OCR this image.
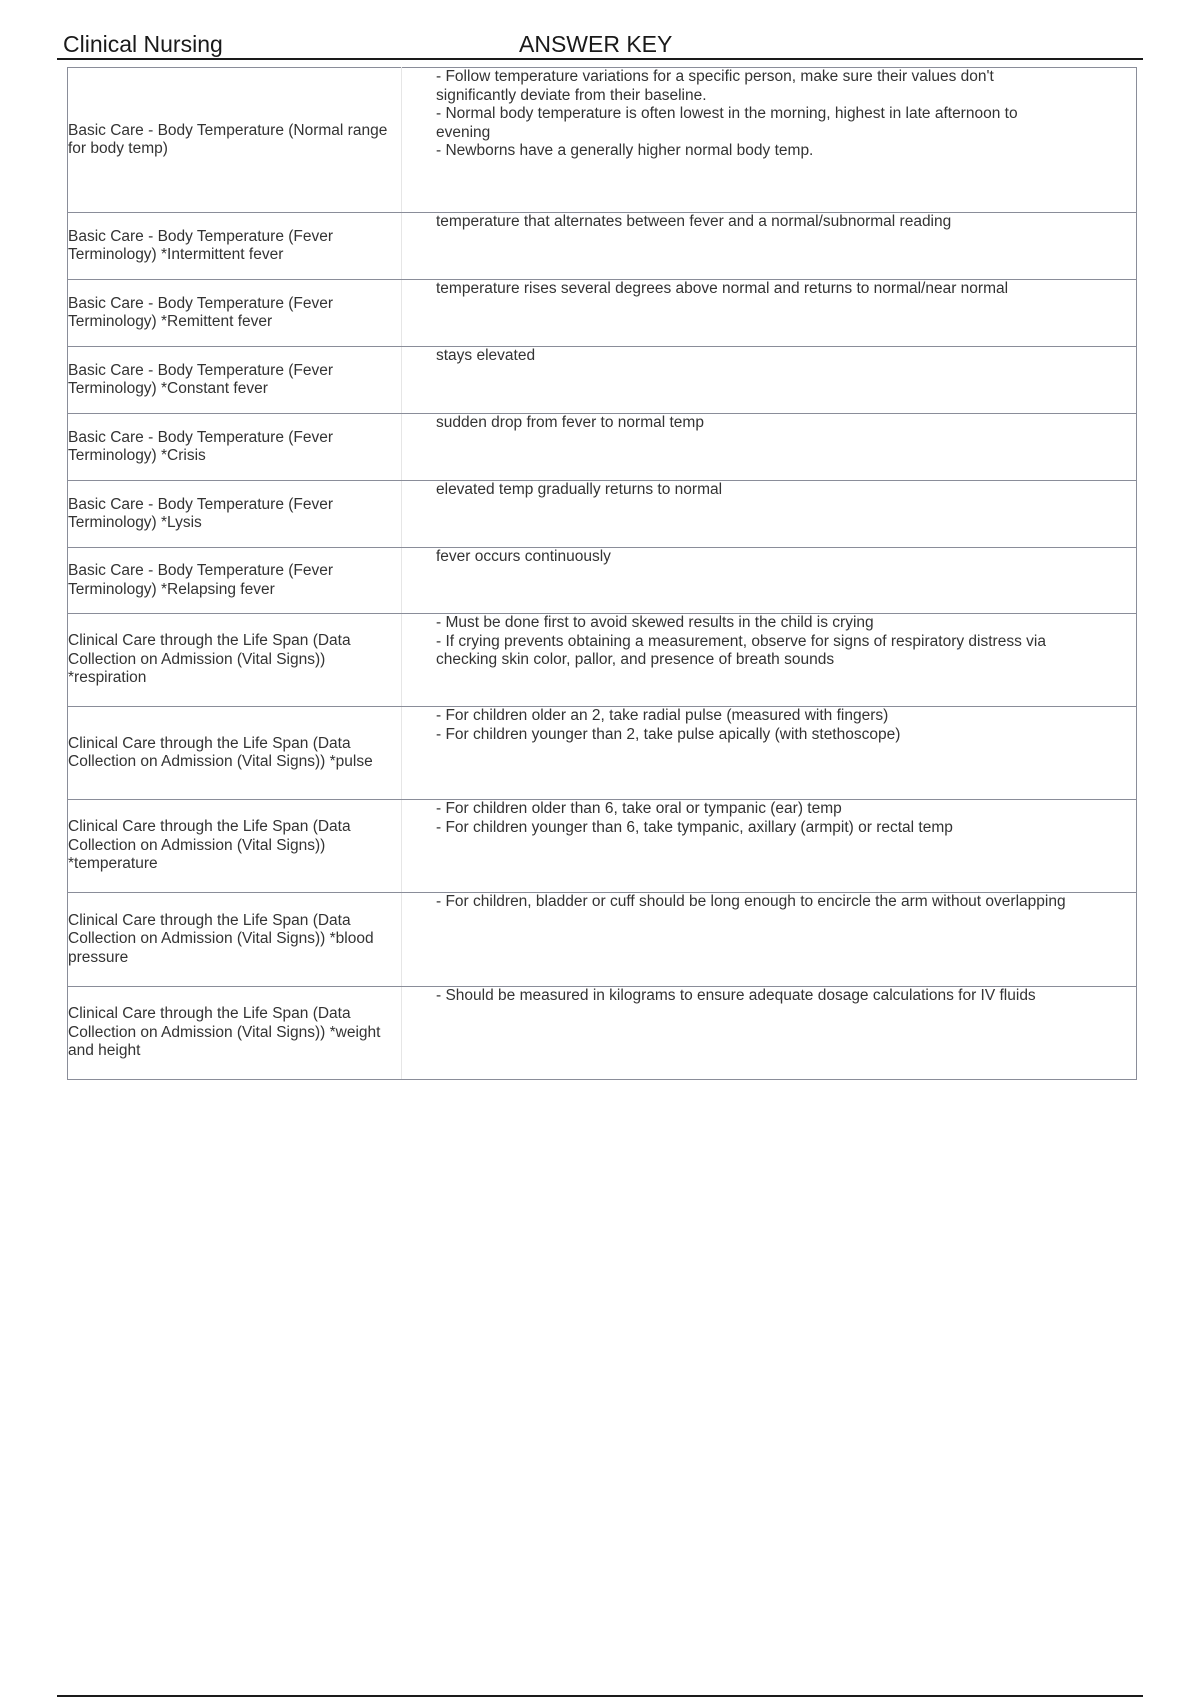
Clinical Nursing	ANSWER KEY
Basic Care - Body Temperature (Normal range for body temp)	- Follow temperature variations for a specific person, make sure their values don't significantly deviate from their baseline.
- Normal body temperature is often lowest in the morning, highest in late afternoon to evening
- Newborns have a generally higher normal body temp.

Basic Care - Body Temperature (Fever Terminology) *Intermittent fever	temperature that alternates between fever and a normal/subnormal reading

Basic Care - Body Temperature (Fever Terminology) *Remittent fever	temperature rises several degrees above normal and returns to normal/near normal

Basic Care - Body Temperature (Fever Terminology) *Constant fever	stays elevated

Basic Care - Body Temperature (Fever Terminology) *Crisis	sudden drop from fever to normal temp

Basic Care - Body Temperature (Fever Terminology) *Lysis	elevated temp gradually returns to normal

Basic Care - Body Temperature (Fever Terminology) *Relapsing fever	fever occurs continuously

Clinical Care through the Life Span (Data Collection on Admission (Vital Signs)) *respiration	- Must be done first to avoid skewed results in the child is crying
- If crying prevents obtaining a measurement, observe for signs of respiratory distress via checking skin color, pallor, and presence of breath sounds

Clinical Care through the Life Span (Data Collection on Admission (Vital Signs)) *pulse	- For children older an 2, take radial pulse (measured with fingers)
- For children younger than 2, take pulse apically (with stethoscope)

Clinical Care through the Life Span (Data Collection on Admission (Vital Signs)) *temperature	- For children older than 6, take oral or tympanic (ear) temp
- For children younger than 6, take tympanic, axillary (armpit) or rectal temp

Clinical Care through the Life Span (Data Collection on Admission (Vital Signs)) *blood pressure	- For children, bladder or cuff should be long enough to encircle the arm without overlapping

Clinical Care through the Life Span (Data Collection on Admission (Vital Signs)) *weight and height	- Should be measured in kilograms to ensure adequate dosage calculations for IV fluids
